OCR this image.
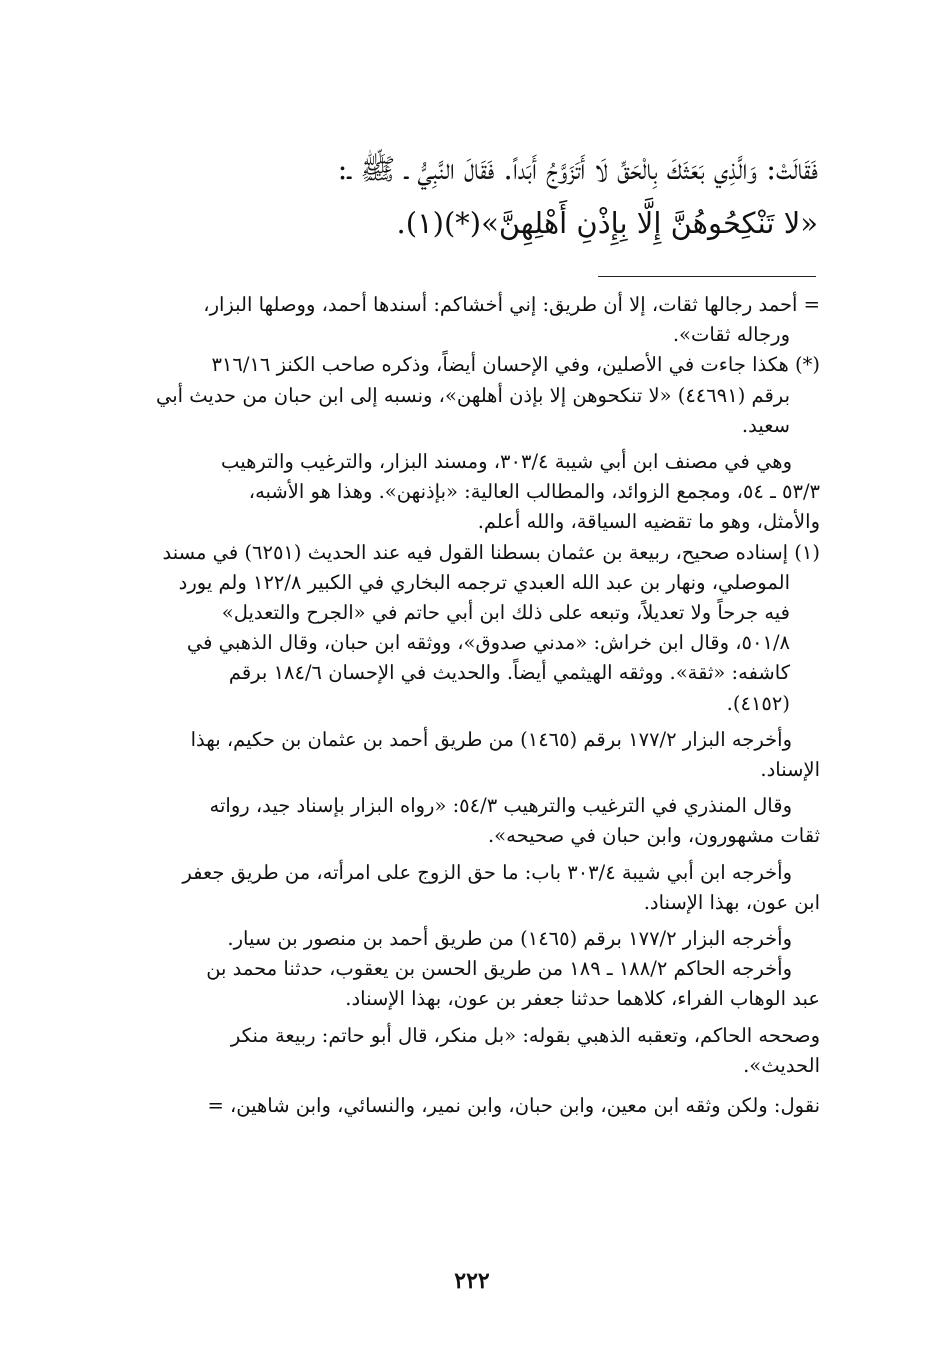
فَقَالَتْ: وَالَّذِي بَعَثَكَ بِالْحَقِّ لَا أَتَزَوَّجُ أَبَداً. فَقَالَ النَّبِيُّ ـ ﷺ ـ:
«لا تَنْكِحُوهُنَّ إِلَّا بِإِذْنِ أَهْلِهِنَّ»(*)(١).
= أحمد رجالها ثقات، إلا أن طريق: إني أخشاكم: أسندها أحمد، ووصلها البزار،
ورجاله ثقات».
(*) هكذا جاءت في الأصلين، وفي الإحسان أيضاً، وذكره صاحب الكنز ٣١٦/١٦
برقم (٤٤٦٩١) «لا تنكحوهن إلا بإذن أهلهن»، ونسبه إلى ابن حبان من حديث أبي
سعيد.
وهي في مصنف ابن أبي شيبة ٣٠٣/٤، ومسند البزار، والترغيب والترهيب
٥٣/٣ ـ ٥٤، ومجمع الزوائد، والمطالب العالية: «بإذنهن». وهذا هو الأشبه،
والأمثل، وهو ما تقضيه السياقة، والله أعلم.
(١) إسناده صحيح، ربيعة بن عثمان بسطنا القول فيه عند الحديث (٦٢٥١) في مسند
الموصلي، ونهار بن عبد الله العبدي ترجمه البخاري في الكبير ١٢٢/٨ ولم يورد
فيه جرحاً ولا تعديلاً، وتبعه على ذلك ابن أبي حاتم في «الجرح والتعديل»
٥٠١/٨، وقال ابن خراش: «مدني صدوق»، ووثقه ابن حبان، وقال الذهبي في
كاشفه: «ثقة». ووثقه الهيثمي أيضاً. والحديث في الإحسان ١٨٤/٦ برقم
(٤١٥٢).
وأخرجه البزار ١٧٧/٢ برقم (١٤٦٥) من طريق أحمد بن عثمان بن حكيم، بهذا
الإسناد.
وقال المنذري في الترغيب والترهيب ٥٤/٣: «رواه البزار بإسناد جيد، رواته
ثقات مشهورون، وابن حبان في صحيحه».
وأخرجه ابن أبي شيبة ٣٠٣/٤ باب: ما حق الزوج على امرأته، من طريق جعفر
ابن عون، بهذا الإسناد.
وأخرجه البزار ١٧٧/٢ برقم (١٤٦٥) من طريق أحمد بن منصور بن سيار.
وأخرجه الحاكم ١٨٨/٢ ـ ١٨٩ من طريق الحسن بن يعقوب، حدثنا محمد بن
عبد الوهاب الفراء، كلاهما حدثنا جعفر بن عون، بهذا الإسناد.
وصححه الحاكم، وتعقبه الذهبي بقوله: «بل منكر، قال أبو حاتم: ربيعة منكر
الحديث».
نقول: ولكن وثقه ابن معين، وابن حبان، وابن نمير، والنسائي، وابن شاهين، =
٢٢٢
